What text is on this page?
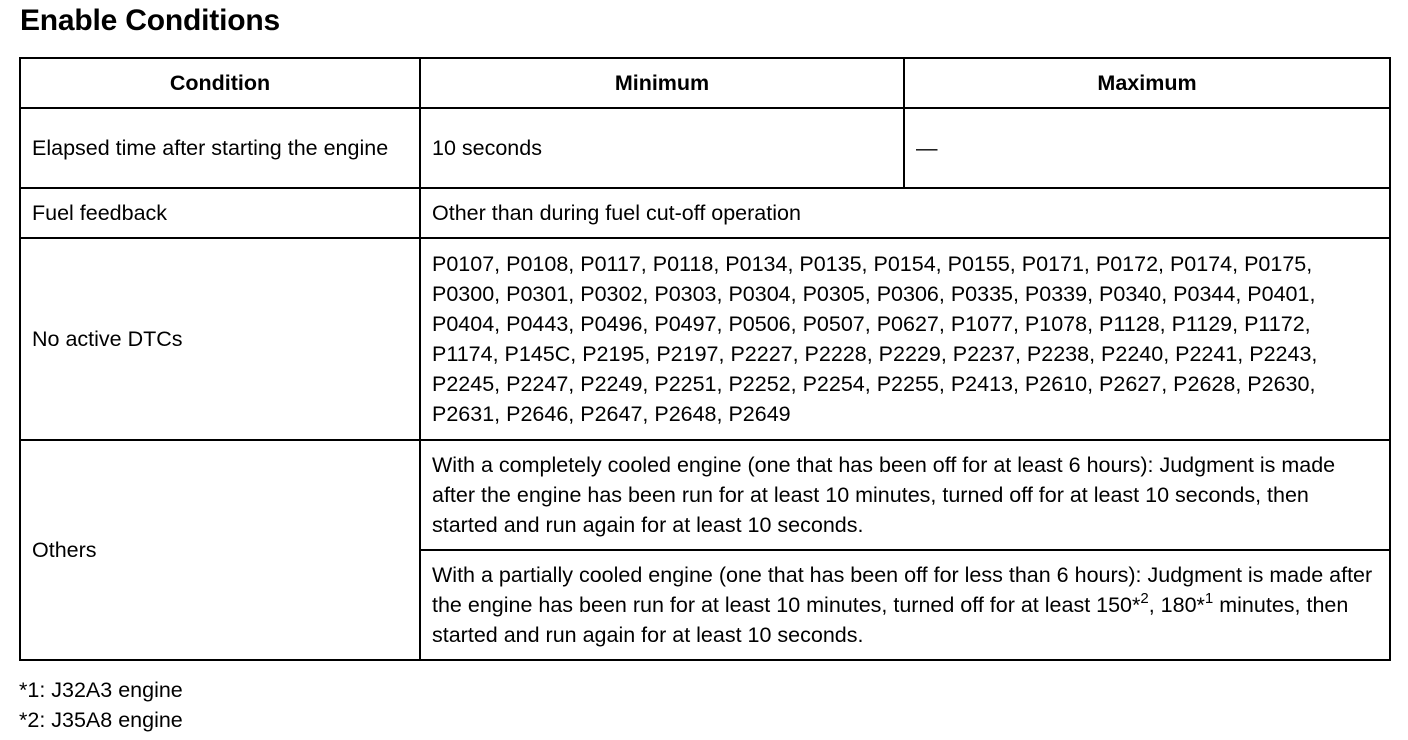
Enable Conditions
Condition	Minimum	Maximum
Elapsed time after starting the engine	10 seconds	—
Fuel feedback	Other than during fuel cut-off operation	
No active DTCs	P0107, P0108, P0117, P0118, P0134, P0135, P0154, P0155, P0171, P0172, P0174, P0175, P0300, P0301, P0302, P0303, P0304, P0305, P0306, P0335, P0339, P0340, P0344, P0401, P0404, P0443, P0496, P0497, P0506, P0507, P0627, P1077, P1078, P1128, P1129, P1172, P1174, P145C, P2195, P2197, P2227, P2228, P2229, P2237, P2238, P2240, P2241, P2243, P2245, P2247, P2249, P2251, P2252, P2254, P2255, P2413, P2610, P2627, P2628, P2630, P2631, P2646, P2647, P2648, P2649	
Others	With a completely cooled engine (one that has been off for at least 6 hours): Judgment is made after the engine has been run for at least 10 minutes, turned off for at least 10 seconds, then started and run again for at least 10 seconds.	
	With a partially cooled engine (one that has been off for less than 6 hours): Judgment is made after the engine has been run for at least 10 minutes, turned off for at least 150*$^2$, 180*$^1$ minutes, then started and run again for at least 10 seconds.	
*1: J32A3 engine
*2: J35A8 engine
